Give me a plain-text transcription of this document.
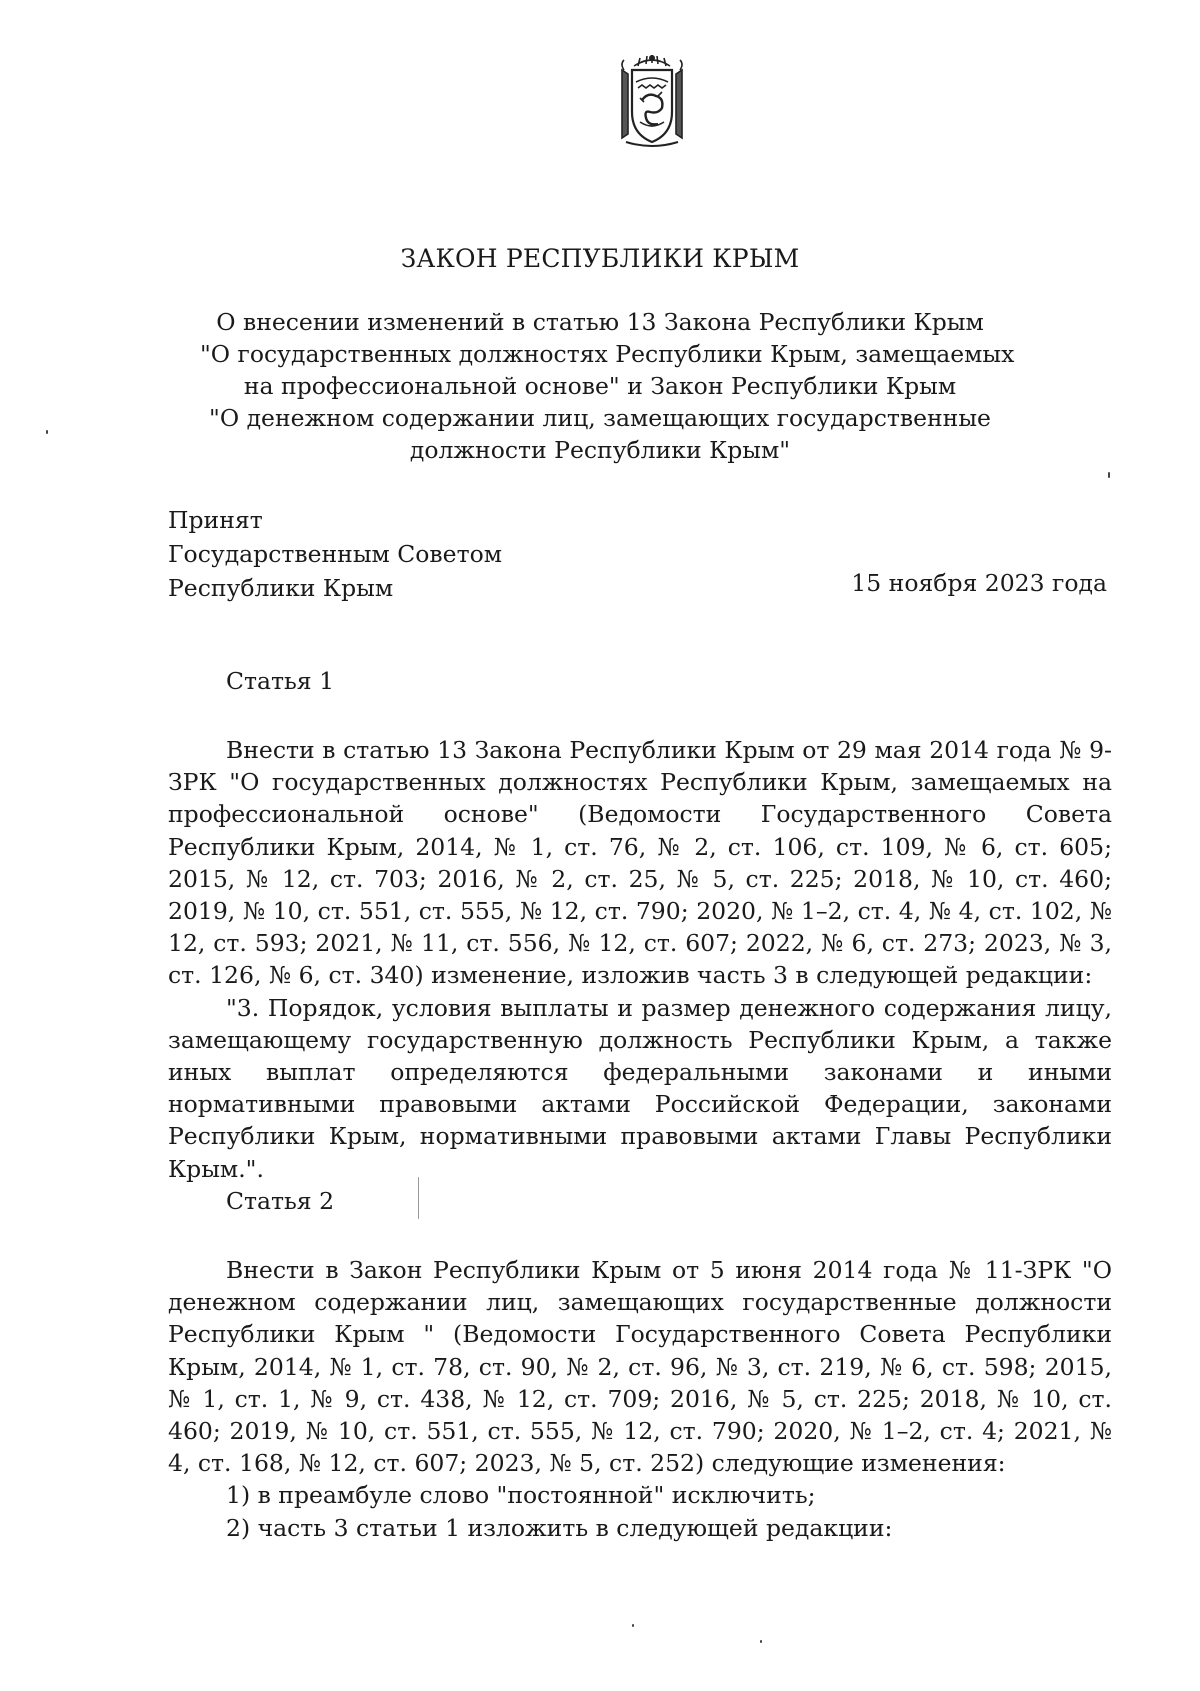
ЗАКОН РЕСПУБЛИКИ КРЫМ
О внесении изменений в статью 13 Закона Республики Крым
"О государственных должностях Республики Крым, замещаемых
на профессиональной основе" и Закон Республики Крым
"О денежном содержании лиц, замещающих государственные
должности Республики Крым"
Принят
Государственным Советом
Республики Крым	15 ноября 2023 года
Статья 1

Внести в статью 13 Закона Республики Крым от 29 мая 2014 года № 9-ЗРК "О государственных должностях Республики Крым, замещаемых на профессиональной основе" (Ведомости Государственного Совета Республики Крым, 2014, № 1, ст. 76, № 2, ст. 106, ст. 109, № 6, ст. 605; 2015, № 12, ст. 703; 2016, № 2, ст. 25, № 5, ст. 225; 2018, № 10, ст. 460; 2019, № 10, ст. 551, ст. 555, № 12, ст. 790; 2020, № 1–2, ст. 4, № 4, ст. 102, № 12, ст. 593; 2021, № 11, ст. 556, № 12, ст. 607; 2022, № 6, ст. 273; 2023, № 3, ст. 126, № 6, ст. 340) изменение, изложив часть 3 в следующей редакции:

"3. Порядок, условия выплаты и размер денежного содержания лицу, замещающему государственную должность Республики Крым, а также иных выплат определяются федеральными законами и иными нормативными правовыми актами Российской Федерации, законами Республики Крым, нормативными правовыми актами Главы Республики Крым.".

Статья 2

Внести в Закон Республики Крым от 5 июня 2014 года № 11-ЗРК "О денежном содержании лиц, замещающих государственные должности Республики Крым " (Ведомости Государственного Совета Республики Крым, 2014, № 1, ст. 78, ст. 90, № 2, ст. 96, № 3, ст. 219, № 6, ст. 598; 2015, № 1, ст. 1, № 9, ст. 438, № 12, ст. 709; 2016, № 5, ст. 225; 2018, № 10, ст. 460; 2019, № 10, ст. 551, ст. 555, № 12, ст. 790; 2020, № 1–2, ст. 4; 2021, № 4, ст. 168, № 12, ст. 607; 2023, № 5, ст. 252) следующие изменения:

1) в преамбуле слово "постоянной" исключить;

2) часть 3 статьи 1 изложить в следующей редакции:
